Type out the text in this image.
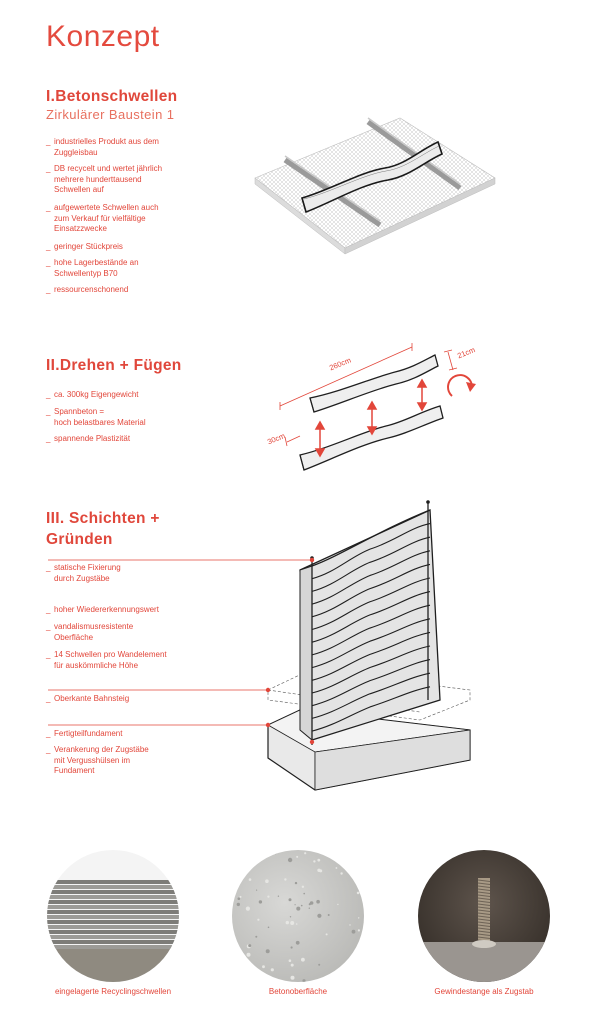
Konzept
I.Betonschwellen
Zirkulärer Baustein 1
_ industrielles Produkt aus dem
Zuggleisbau
_ DB recycelt und wertet jährlich
mehrere hunderttausend
Schwellen auf
_ aufgewertete Schwellen auch
zum Verkauf für vielfältige
Einsatzzwecke
_ geringer Stückpreis
_ hohe Lagerbestände an
Schwellentyp B70
_ ressourcenschonend
II.Drehen + Fügen
_ ca. 300kg Eigengewicht
_ Spannbeton =
hoch belastbares Material
_ spannende Plastizität
260cm
21cm
30cm
III. Schichten +
Gründen
_ statische Fixierung
durch Zugstäbe
_ hoher Wiedererkennungswert
_ vandalismusresistente
Oberfläche
_ 14 Schwellen pro Wandelement
für auskömmliche Höhe
_ Oberkante Bahnsteig
_ Fertigteilfundament
_ Verankerung der Zugstäbe
mit Vergusshülsen im
Fundament
eingelagerte Recyclingschwellen	Betonoberfläche	Gewindestange als Zugstab
